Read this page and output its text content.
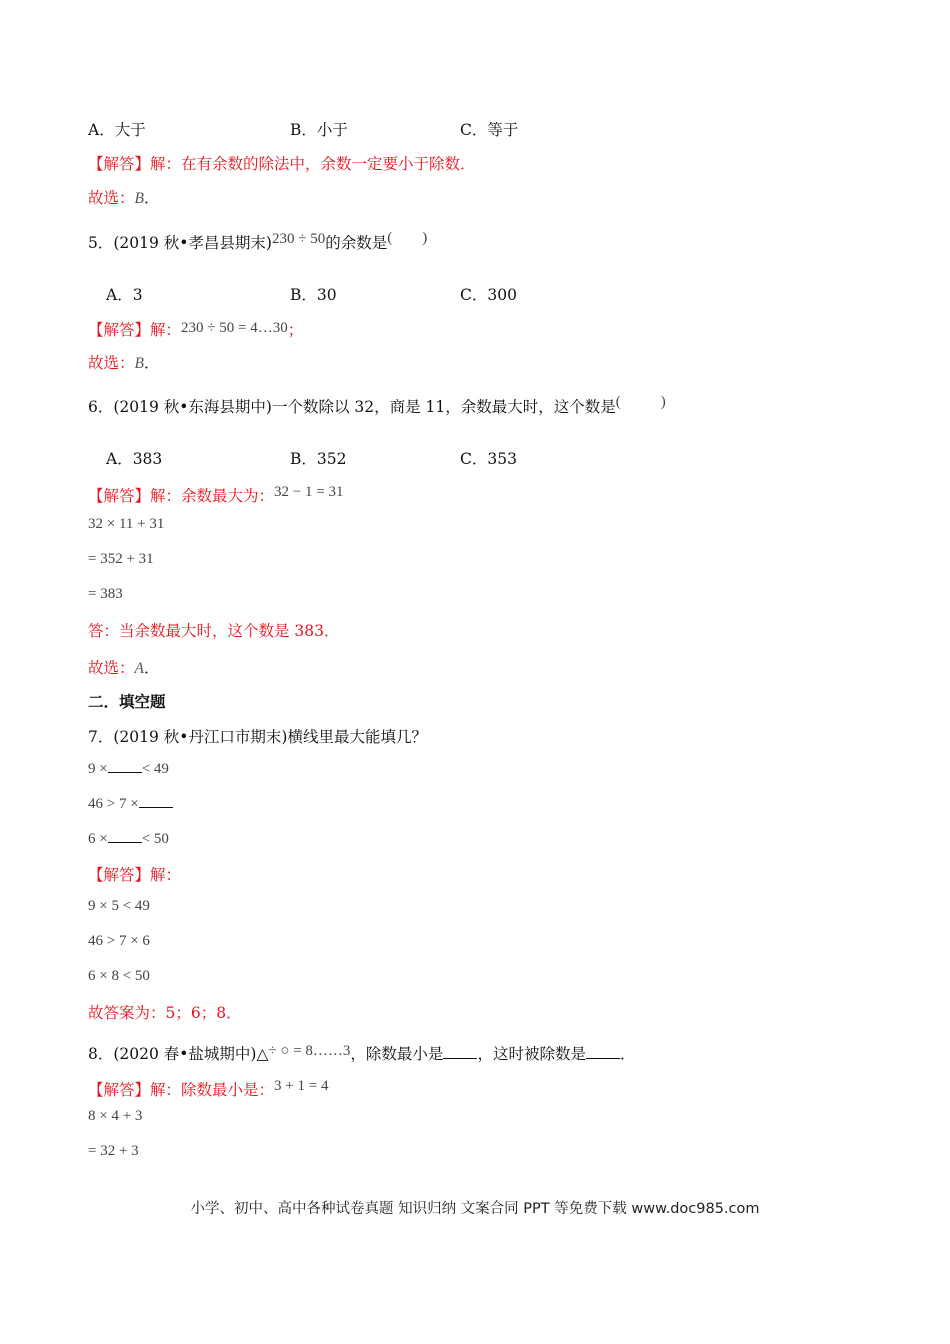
A．大于	B．小于	C．等于
【解答】解：在有余数的除法中，余数一定要小于除数．
故选：B．
5．(2019 秋•孝昌县期末)230 ÷ 50的余数是( )
A．3	B．30	C．300
【解答】解：230 ÷ 50 = 4…30；
故选：B．
6．(2019 秋•东海县期中)一个数除以 32，商是 11，余数最大时，这个数是(	)
A．383	B．352	C．353
【解答】解：余数最大为：32 − 1 = 31
32 × 11 + 31
= 352 + 31
= 383
答：当余数最大时，这个数是 383．
故选：A．
二．填空题
7．(2019 秋•丹江口市期末)横线里最大能填几？
9 × < 49
46 > 7 ×
6 × < 50
【解答】解：
9 × 5 < 49
46 > 7 × 6
6 × 8 < 50
故答案为：5；6；8．
8．(2020 春•盐城期中)△÷ ○ = 8……3，除数最小是 ，这时被除数是 ．
【解答】解：除数最小是：3 + 1 = 4
8 × 4 + 3
= 32 + 3
小学、初中、高中各种试卷真题 知识归纳 文案合同 PPT 等免费下载 www.doc985.com
